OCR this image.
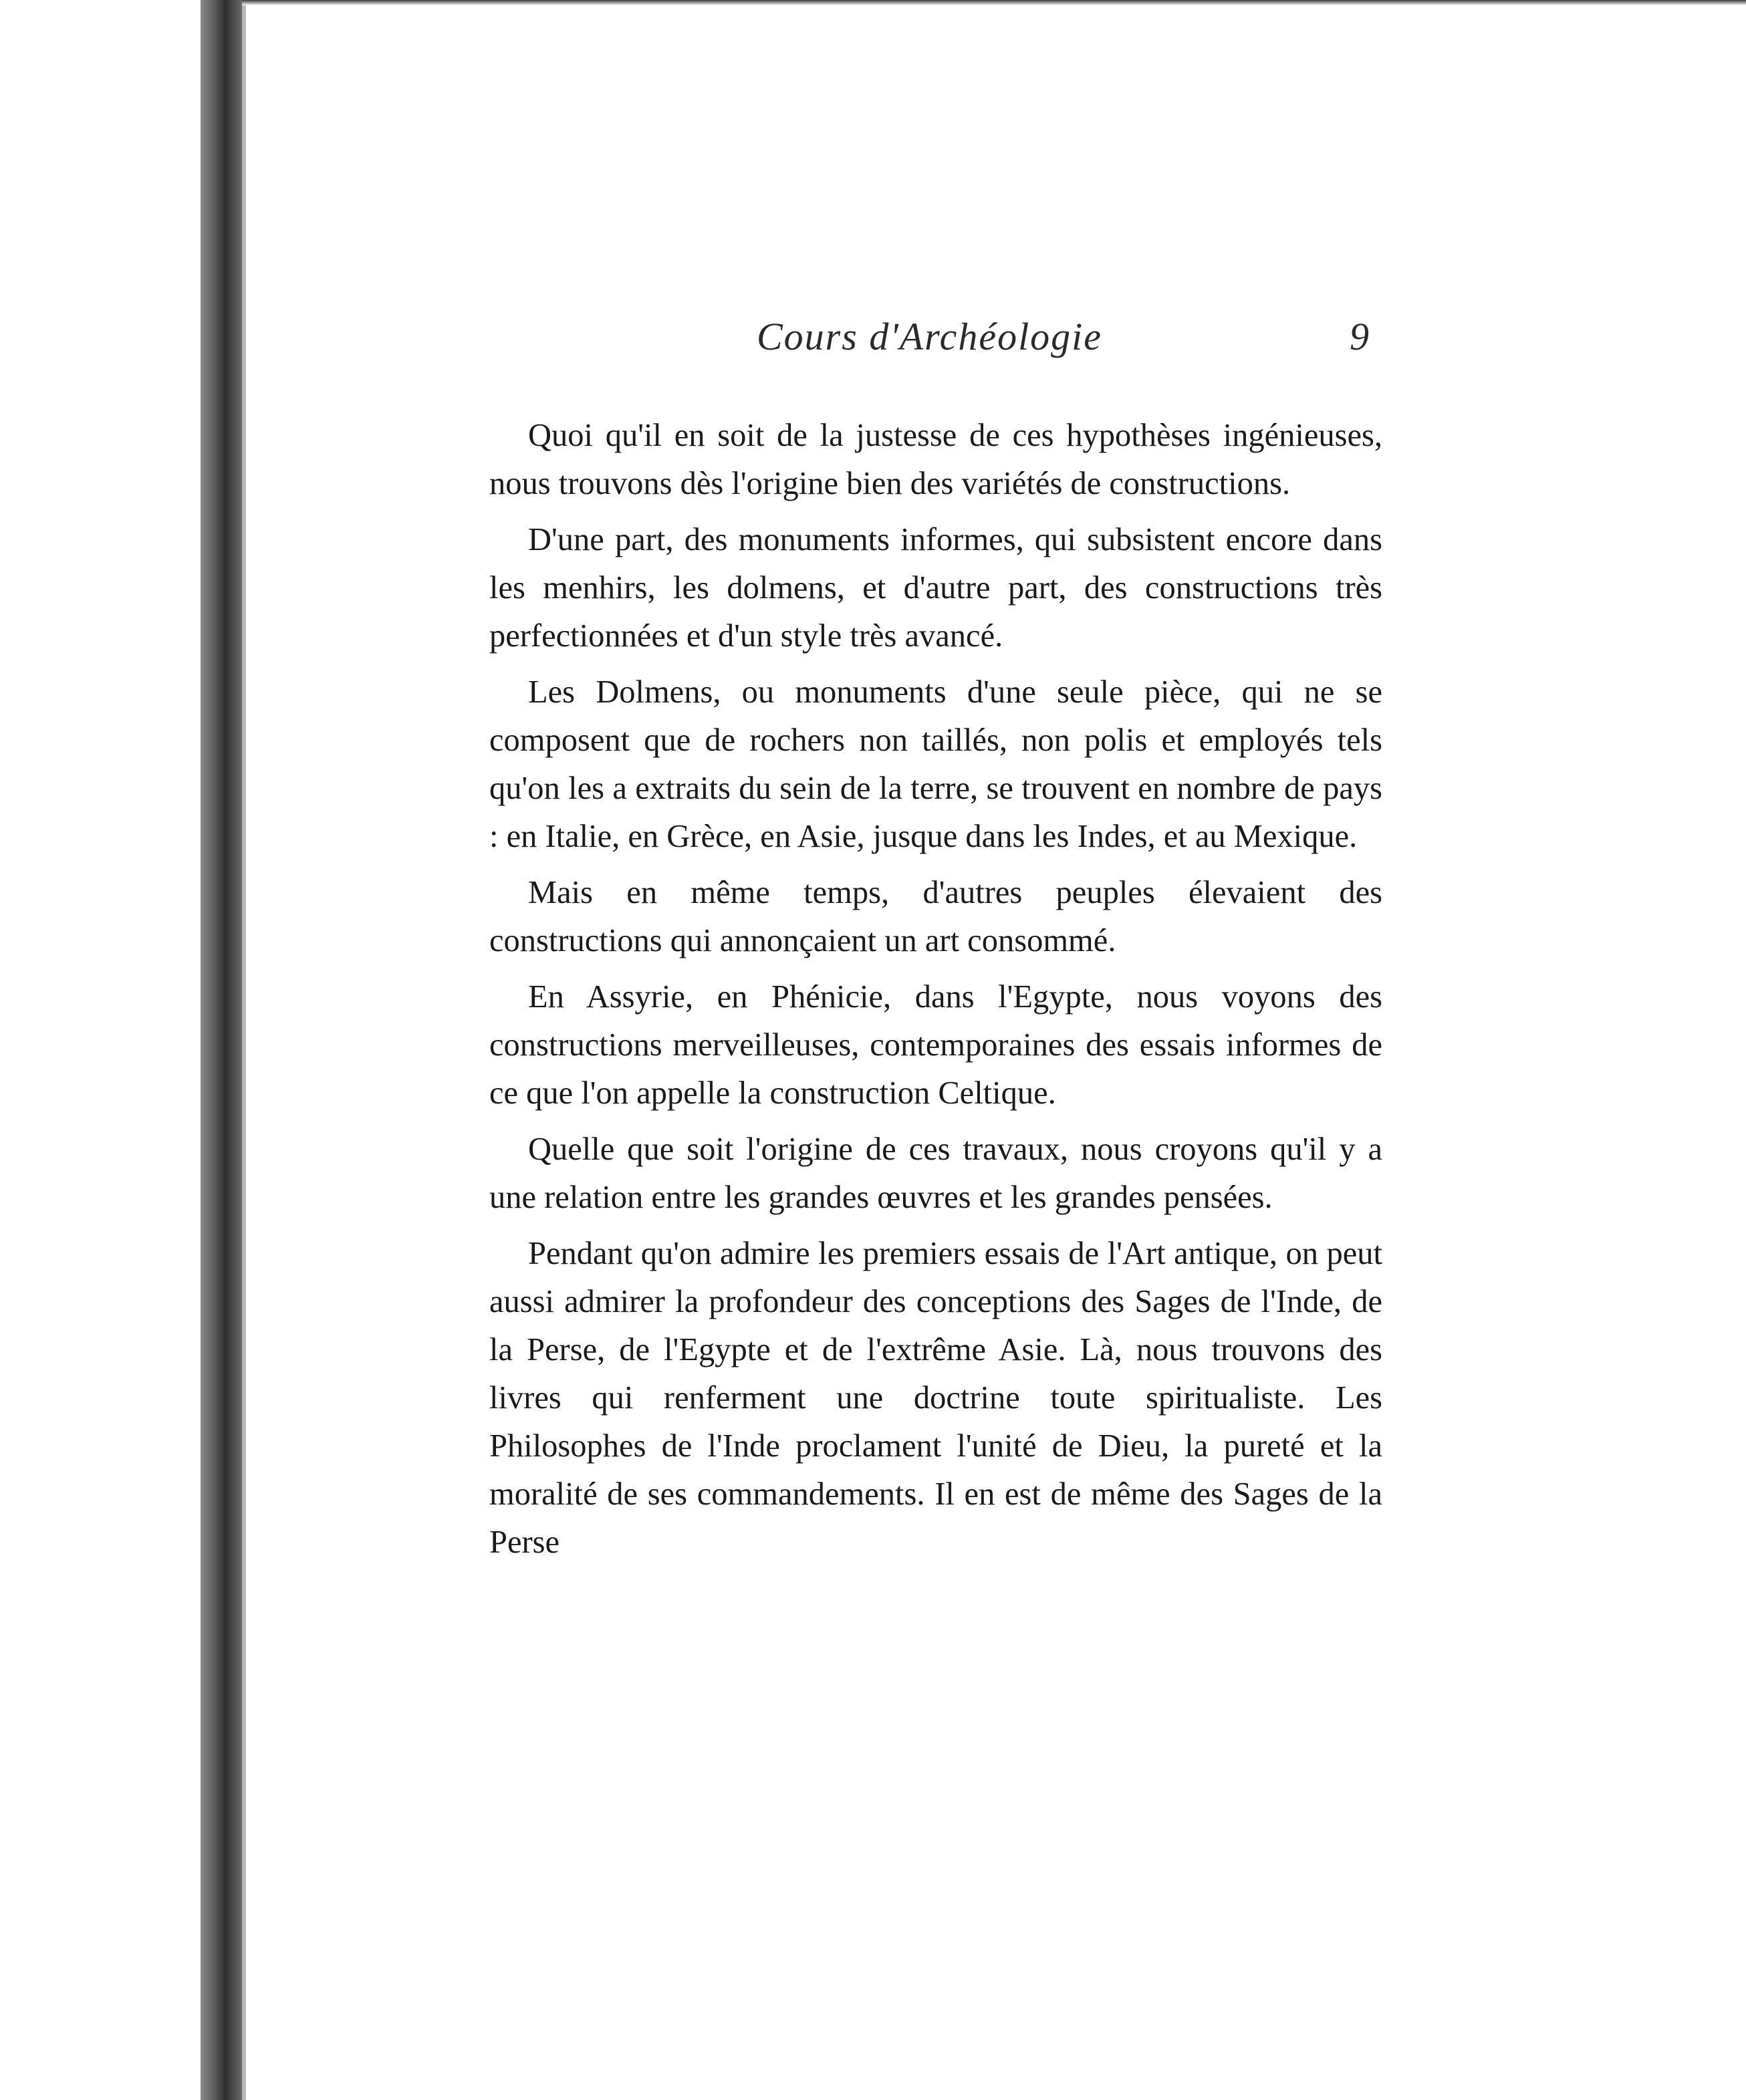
Cours d'Archéologie	9

Quoi qu'il en soit de la justesse de ces hypothèses ingénieuses, nous trouvons dès l'origine bien des variétés de constructions.

D'une part, des monuments informes, qui subsistent encore dans les menhirs, les dolmens, et d'autre part, des constructions très perfectionnées et d'un style très avancé.

Les Dolmens, ou monuments d'une seule pièce, qui ne se composent que de rochers non taillés, non polis et employés tels qu'on les a extraits du sein de la terre, se trouvent en nombre de pays : en Italie, en Grèce, en Asie, jusque dans les Indes, et au Mexique.

Mais en même temps, d'autres peuples élevaient des constructions qui annonçaient un art consommé.

En Assyrie, en Phénicie, dans l'Egypte, nous voyons des constructions merveilleuses, contemporaines des essais informes de ce que l'on appelle la construction Celtique.

Quelle que soit l'origine de ces travaux, nous croyons qu'il y a une relation entre les grandes œuvres et les grandes pensées.

Pendant qu'on admire les premiers essais de l'Art antique, on peut aussi admirer la profondeur des conceptions des Sages de l'Inde, de la Perse, de l'Egypte et de l'extrême Asie. Là, nous trouvons des livres qui renferment une doctrine toute spiritualiste. Les Philosophes de l'Inde proclament l'unité de Dieu, la pureté et la moralité de ses commandements. Il en est de même des Sages de la Perse
